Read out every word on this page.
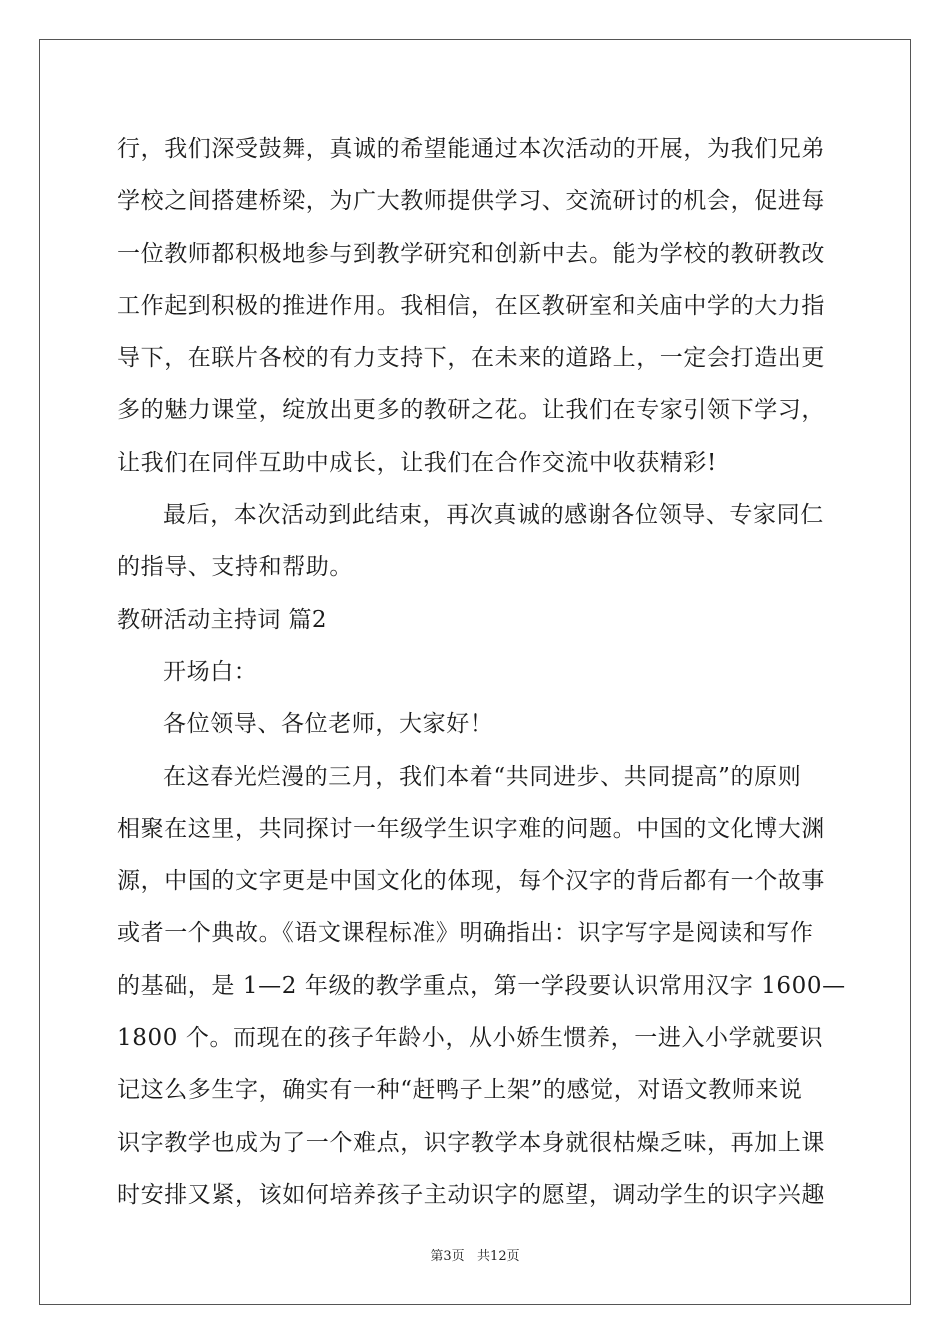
行，我们深受鼓舞，真诚的希望能通过本次活动的开展，为我们兄弟
学校之间搭建桥梁，为广大教师提供学习、交流研讨的机会，促进每
一位教师都积极地参与到教学研究和创新中去。能为学校的教研教改
工作起到积极的推进作用。我相信，在区教研室和关庙中学的大力指
导下，在联片各校的有力支持下，在未来的道路上，一定会打造出更
多的魅力课堂，绽放出更多的教研之花。让我们在专家引领下学习，
让我们在同伴互助中成长，让我们在合作交流中收获精彩!
最后，本次活动到此结束，再次真诚的感谢各位领导、专家同仁
的指导、支持和帮助。
教研活动主持词 篇2
开场白：
各位领导、各位老师，大家好！
在这春光烂漫的三月，我们本着“共同进步、共同提高”的原则
相聚在这里，共同探讨一年级学生识字难的问题。中国的文化博大渊
源，中国的文字更是中国文化的体现，每个汉字的背后都有一个故事
或者一个典故。《语文课程标准》明确指出：识字写字是阅读和写作
的基础，是 1—2 年级的教学重点，第一学段要认识常用汉字 1600—
1800 个。而现在的孩子年龄小，从小娇生惯养，一进入小学就要识
记这么多生字，确实有一种“赶鸭子上架”的感觉，对语文教师来说
识字教学也成为了一个难点，识字教学本身就很枯燥乏味，再加上课
时安排又紧，该如何培养孩子主动识字的愿望，调动学生的识字兴趣
第3页   共12页
